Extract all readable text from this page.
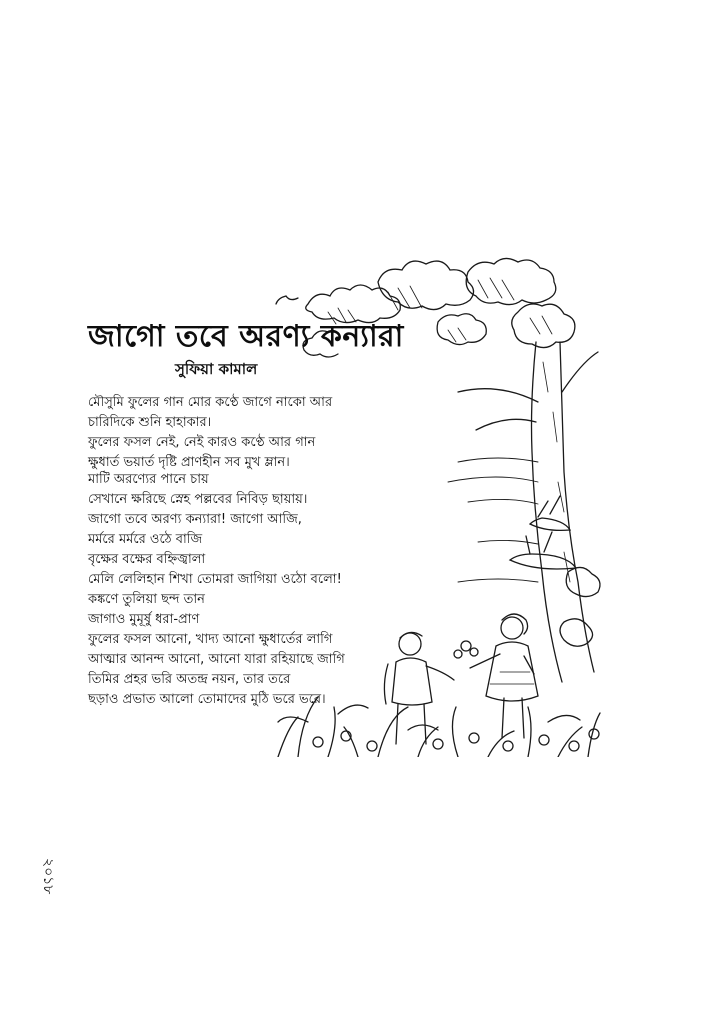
জাগো তবে অরণ্য কন্যারা
সুফিয়া কামাল
মৌসুমি ফুলের গান মোর কণ্ঠে জাগে নাকো আর
চারিদিকে শুনি হাহাকার।
ফুলের ফসল নেই, নেই কারও কণ্ঠে আর গান
ক্ষুধার্ত ভয়ার্ত দৃষ্টি প্রাণহীন সব মুখ ম্লান।
মাটি অরণ্যের পানে চায়
সেখানে ক্ষরিছে স্নেহ পল্লবের নিবিড় ছায়ায়।
জাগো তবে অরণ্য কন্যারা! জাগো আজি,
মর্মরে মর্মরে ওঠে বাজি
বৃক্ষের বক্ষের বহ্নিজ্বালা
মেলি লেলিহান শিখা তোমরা জাগিয়া ওঠো বলো!
কঙ্কণে তুলিয়া ছন্দ তান
জাগাও মুমূর্ষু ধরা-প্রাণ
ফুলের ফসল আনো, খাদ্য আনো ক্ষুধার্তের লাগি
আত্মার আনন্দ আনো, আনো যারা রহিয়াছে জাগি
তিমির প্রহর ভরি অতন্দ্র নয়ন, তার তরে
ছড়াও প্রভাত আলো তোমাদের মুঠি ভরে ভরে।
২০১৮
